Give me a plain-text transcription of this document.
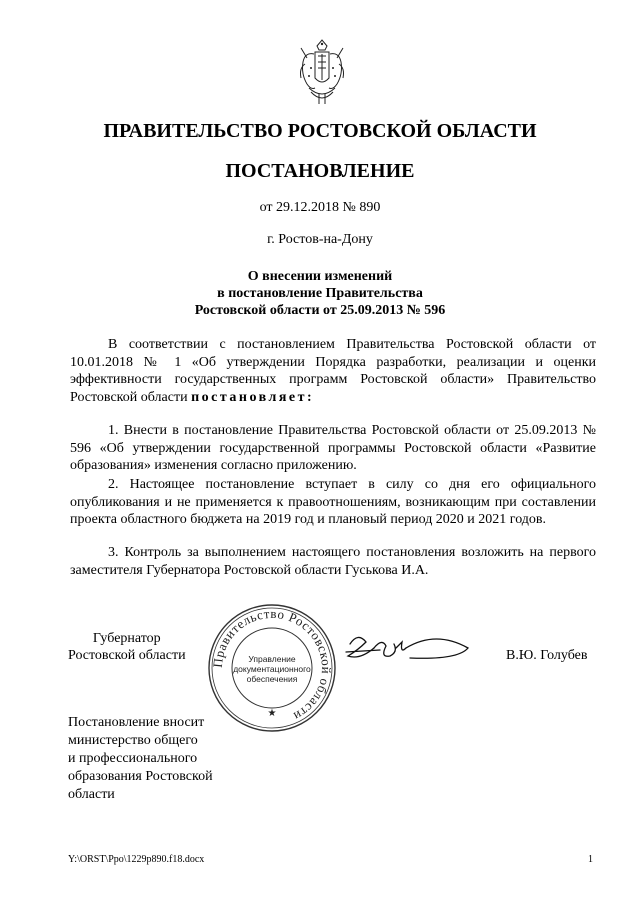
ПРАВИТЕЛЬСТВО РОСТОВСКОЙ ОБЛАСТИ
ПОСТАНОВЛЕНИЕ
от 29.12.2018 № 890
г. Ростов-на-Дону
О внесении изменений
в постановление Правительства
Ростовской области от 25.09.2013 № 596

В соответствии с постановлением Правительства Ростовской области от 10.01.2018 № 1 «Об утверждении Порядка разработки, реализации и оценки эффективности государственных программ Ростовской области» Правительство Ростовской области постановляет:

1. Внести в постановление Правительства Ростовской области от 25.09.2013 № 596 «Об утверждении государственной программы Ростовской области «Развитие образования» изменения согласно приложению.

2. Настоящее постановление вступает в силу со дня его официального опубликования и не применяется к правоотношениям, возникающим при составлении проекта областного бюджета на 2019 год и плановый период 2020 и 2021 годов.

3. Контроль за выполнением настоящего постановления возложить на первого заместителя Губернатора Ростовской области Гуськова И.А.

Губернатор
Ростовской области Правительство Ростовской области
Управление
документационного
обеспечения
★
В.Ю. Голубев
Постановление вносит
министерство общего
и профессионального
образования Ростовской
области
Y:\ORST\Ppo\1229p890.f18.docx	1
